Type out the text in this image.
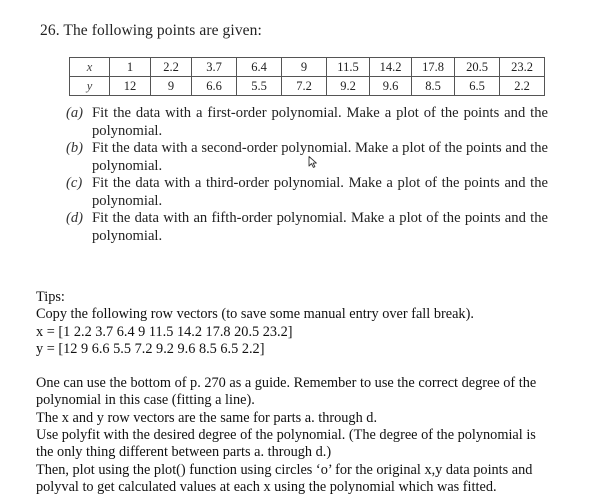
26. The following points are given:
x	1	2.2	3.7	6.4	9	11.5	14.2	17.8	20.5	23.2
y	12	9	6.6	5.5	7.2	9.2	9.6	8.5	6.5	2.2
(a) Fit the data with a first-order polynomial. Make a plot of the points and the polynomial.
(b) Fit the data with a second-order polynomial. Make a plot of the points and the polynomial.
(c) Fit the data with a third-order polynomial. Make a plot of the points and the polynomial.
(d) Fit the data with an fifth-order polynomial. Make a plot of the points and the polynomial.
Tips:
Copy the following row vectors (to save some manual entry over fall break).
x = [1 2.2 3.7 6.4 9 11.5 14.2 17.8 20.5 23.2]
y = [12 9 6.6 5.5 7.2 9.2 9.6 8.5 6.5 2.2]

One can use the bottom of p. 270 as a guide. Remember to use the correct degree of the polynomial in this case (fitting a line).

The x and y row vectors are the same for parts a. through d.

Use polyfit with the desired degree of the polynomial. (The degree of the polynomial is the only thing different between parts a. through d.)

Then, plot using the plot() function using circles ‘o’ for the original x,y data points and polyval to get calculated values at each x using the polynomial which was fitted.
